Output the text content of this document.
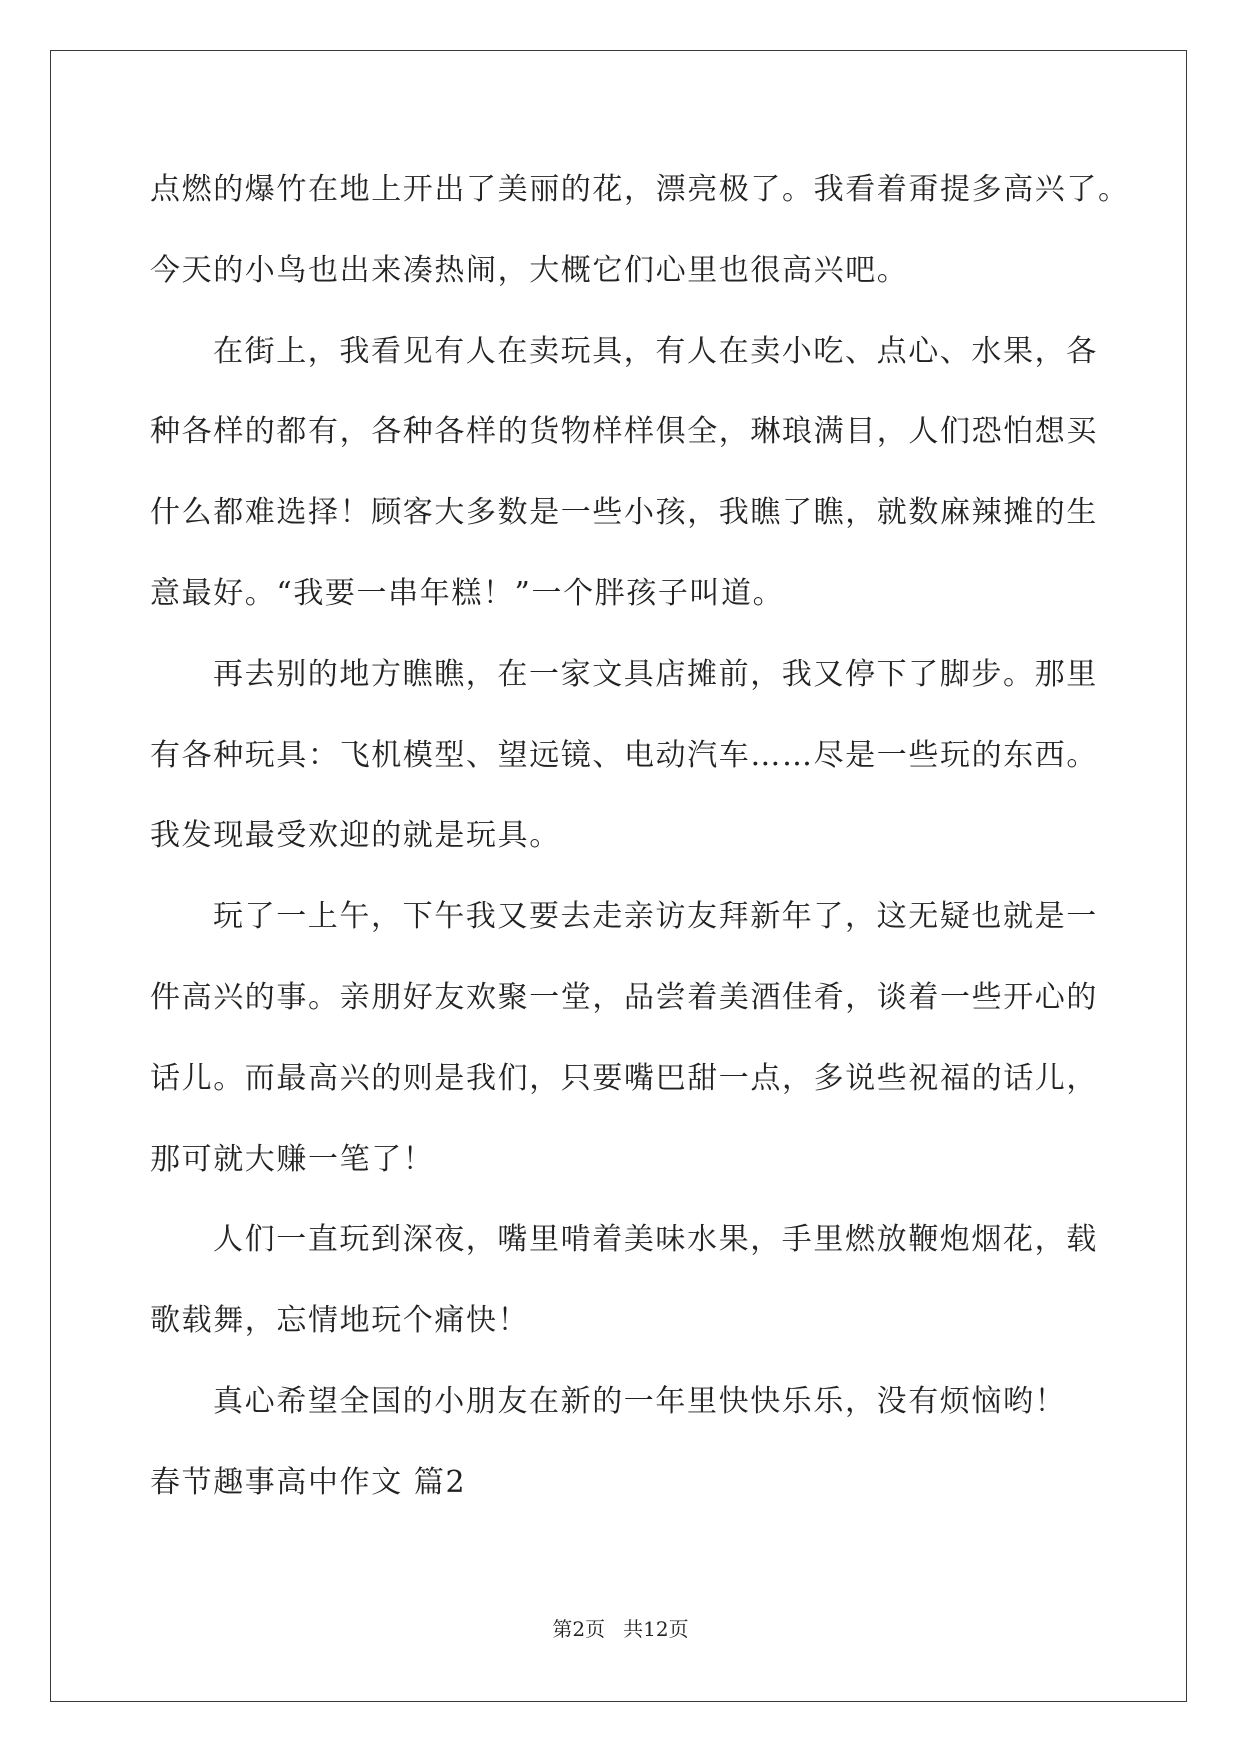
点燃的爆竹在地上开出了美丽的花，漂亮极了。我看着甭提多高兴了。
今天的小鸟也出来凑热闹，大概它们心里也很高兴吧。
在街上，我看见有人在卖玩具，有人在卖小吃、点心、水果，各
种各样的都有，各种各样的货物样样俱全，琳琅满目，人们恐怕想买
什么都难选择！顾客大多数是一些小孩，我瞧了瞧，就数麻辣摊的生
意最好。“我要一串年糕！”一个胖孩子叫道。
再去别的地方瞧瞧，在一家文具店摊前，我又停下了脚步。那里
有各种玩具：飞机模型、望远镜、电动汽车……尽是一些玩的东西。
我发现最受欢迎的就是玩具。
玩了一上午，下午我又要去走亲访友拜新年了，这无疑也就是一
件高兴的事。亲朋好友欢聚一堂，品尝着美酒佳肴，谈着一些开心的
话儿。而最高兴的则是我们，只要嘴巴甜一点，多说些祝福的话儿，
那可就大赚一笔了！
人们一直玩到深夜，嘴里啃着美味水果，手里燃放鞭炮烟花，载
歌载舞，忘情地玩个痛快！
真心希望全国的小朋友在新的一年里快快乐乐，没有烦恼哟！
春节趣事高中作文 篇2
第2页 共12页
